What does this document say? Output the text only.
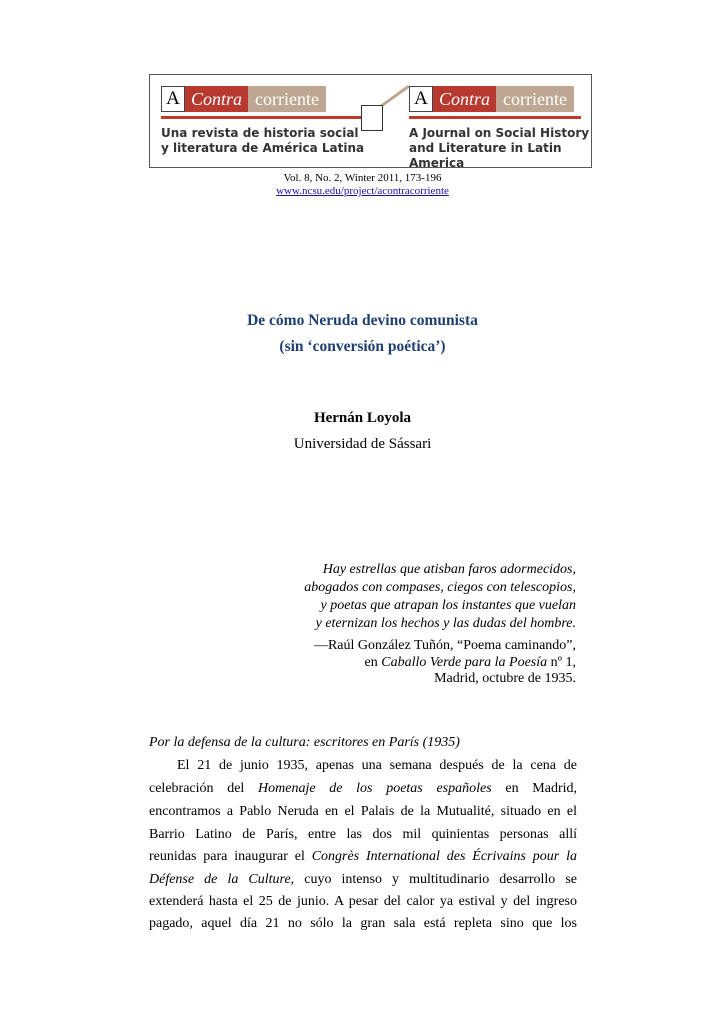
A Contra corriente	A Contra corriente
Una revista de historia social
y literatura de América Latina
A Journal on Social History
and Literature in Latin America
Vol. 8, No. 2, Winter 2011, 173-196
www.ncsu.edu/project/acontracorriente
De cómo Neruda devino comunista
(sin ‘conversión poética’)
Hernán Loyola
Universidad de Sássari
Hay estrellas que atisban faros adormecidos,
abogados con compases, ciegos con telescopios,
y poetas que atrapan los instantes que vuelan
y eternizan los hechos y las dudas del hombre.
—Raúl González Tuñón, “Poema caminando”,
en Caballo Verde para la Poesía nº 1,
Madrid, octubre de 1935.
Por la defensa de la cultura: escritores en París (1935)
El 21 de junio 1935, apenas una semana después de la cena de
celebración del Homenaje de los poetas españoles en Madrid,
encontramos a Pablo Neruda en el Palais de la Mutualité, situado en el
Barrio Latino de París, entre las dos mil quinientas personas allí
reunidas para inaugurar el Congrès International des Écrivains pour la
Défense de la Culture, cuyo intenso y multitudinario desarrollo se
extenderá hasta el 25 de junio. A pesar del calor ya estival y del ingreso
pagado, aquel día 21 no sólo la gran sala está repleta sino que los
